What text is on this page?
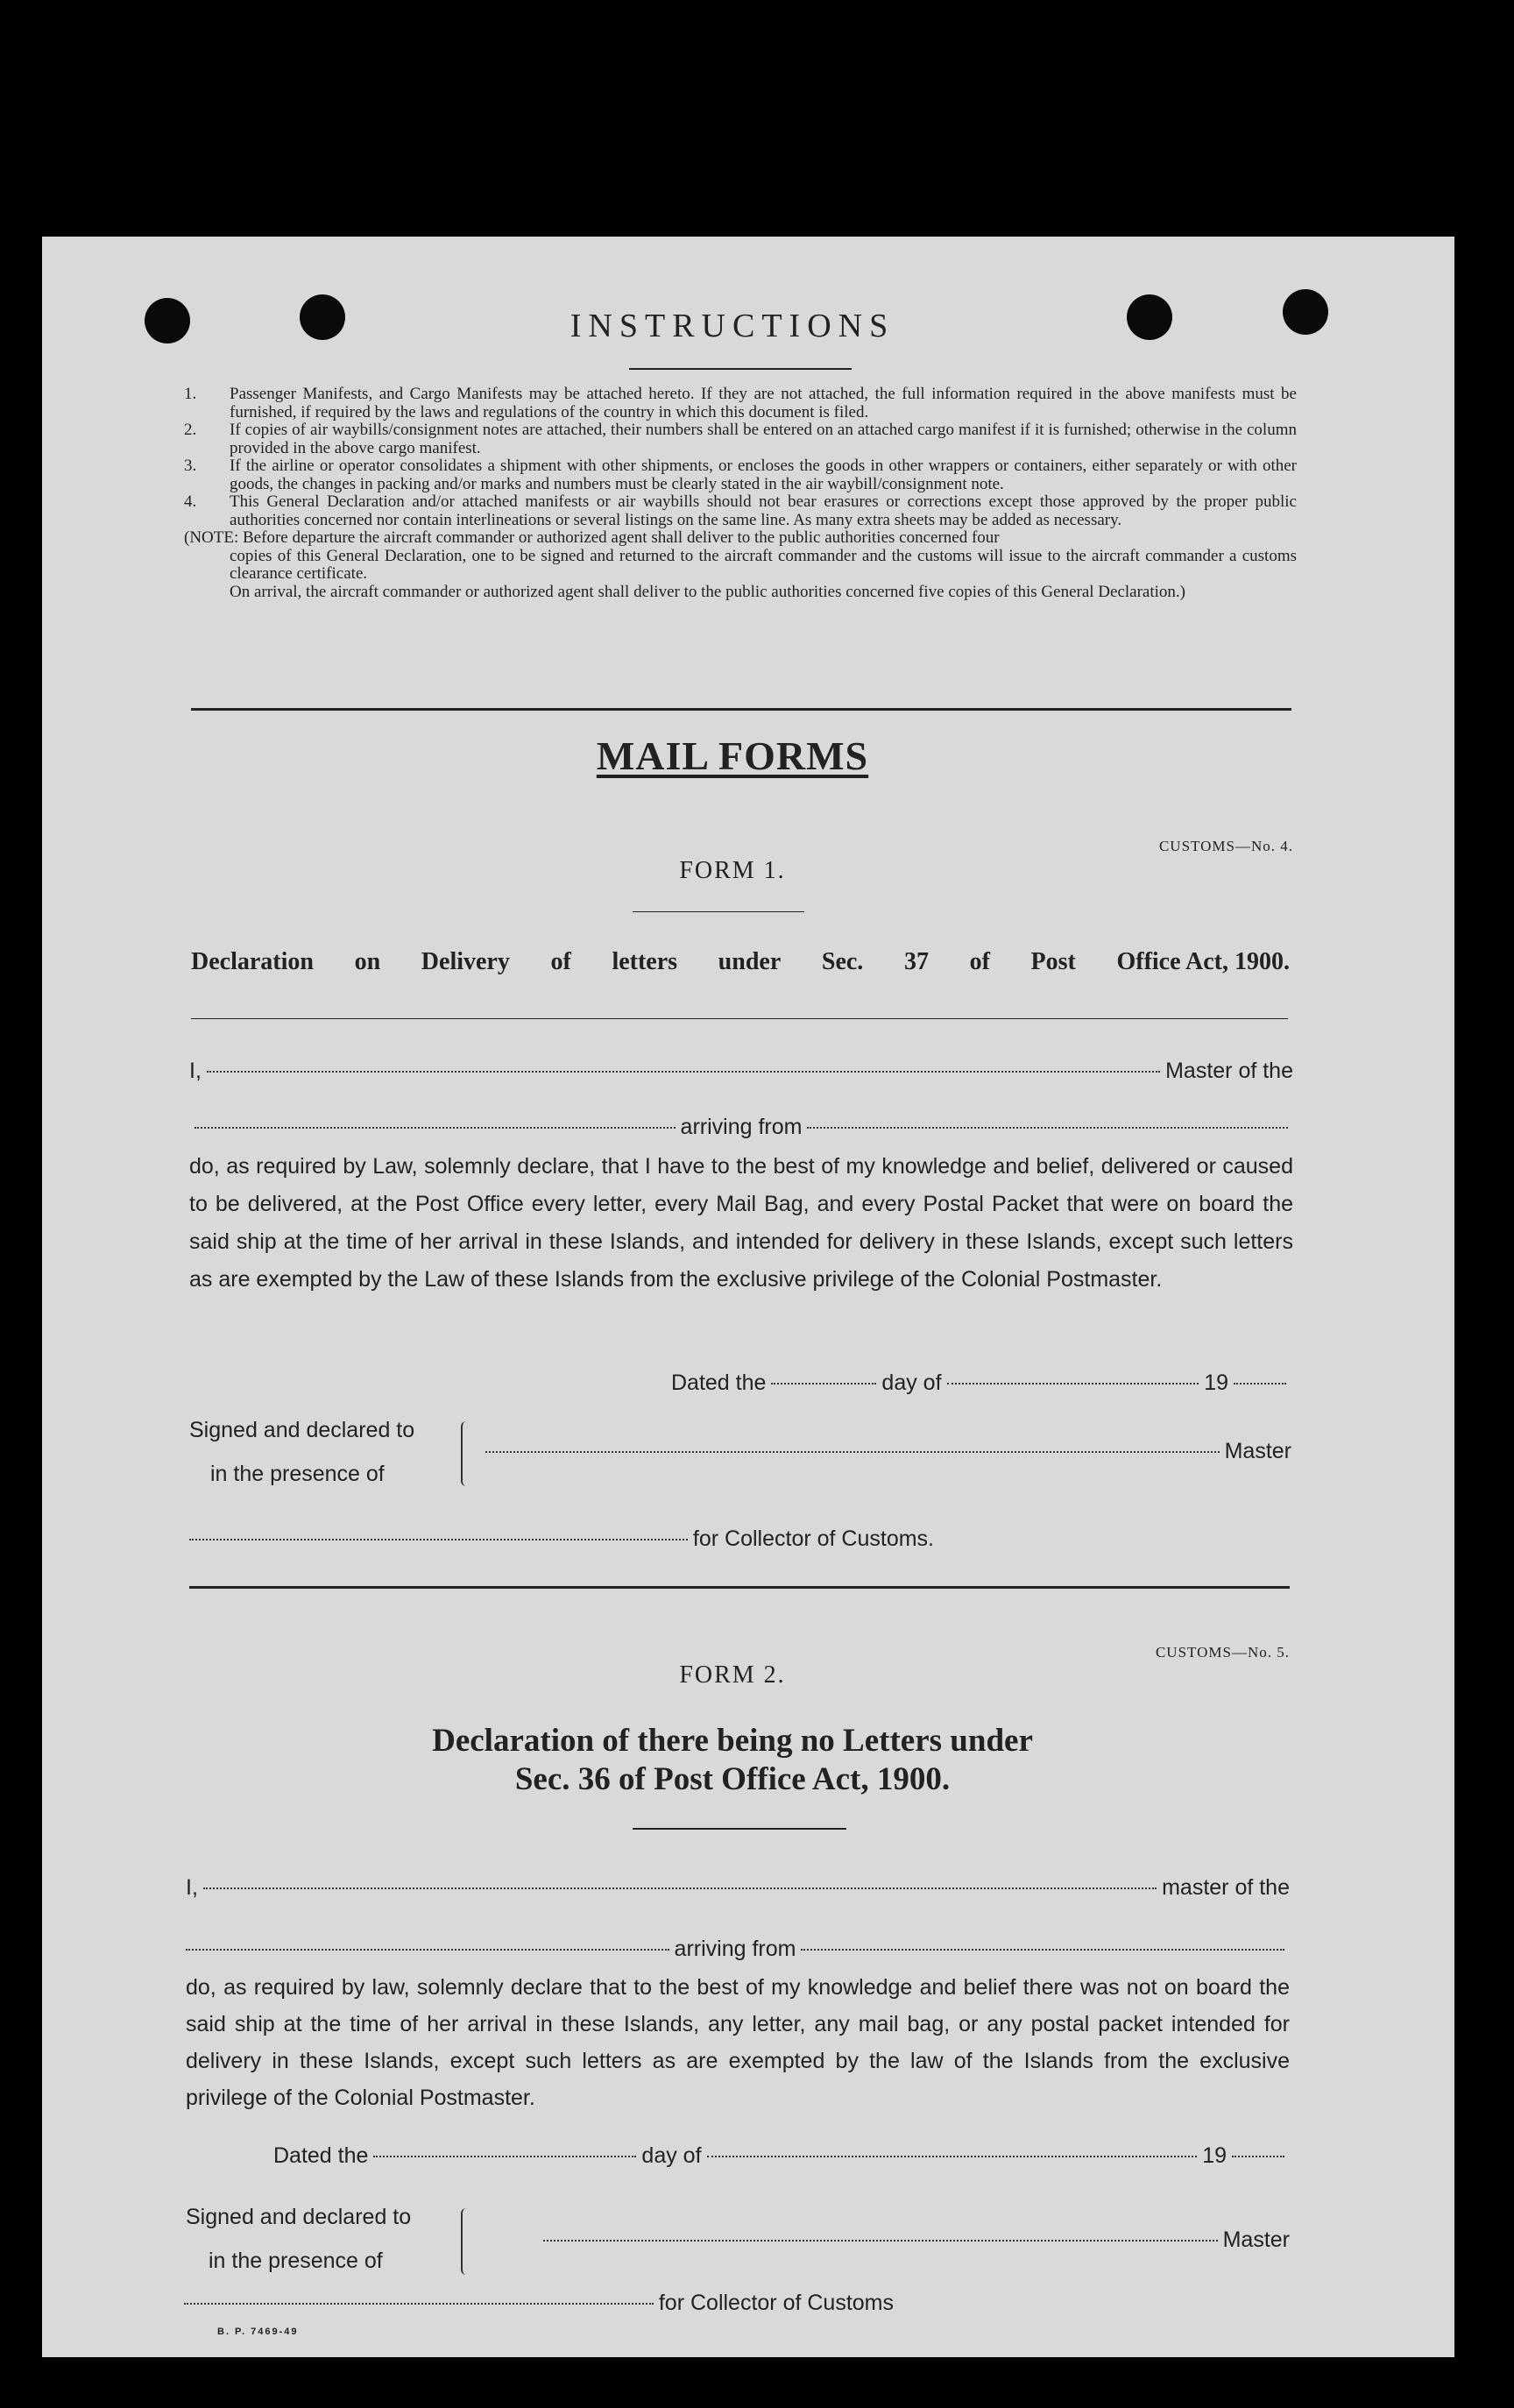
INSTRUCTIONS
1.	Passenger Manifests, and Cargo Manifests may be attached hereto. If they are not attached, the full information required in the above manifests must be furnished, if required by the laws and regulations of the country in which this document is filed.
2.	If copies of air waybills/consignment notes are attached, their numbers shall be entered on an attached cargo manifest if it is furnished; otherwise in the column provided in the above cargo manifest.
3.	If the airline or operator consolidates a shipment with other shipments, or encloses the goods in other wrappers or containers, either separately or with other goods, the changes in packing and/or marks and numbers must be clearly stated in the air waybill/consignment note.
4.	This General Declaration and/or attached manifests or air waybills should not bear erasures or corrections except those approved by the proper public authorities concerned nor contain interlineations or several listings on the same line. As many extra sheets may be added as necessary.
(NOTE: Before departure the aircraft commander or authorized agent shall deliver to the public authorities concerned four
copies of this General Declaration, one to be signed and returned to the aircraft commander and the customs will issue to the aircraft commander a customs clearance certificate.
On arrival, the aircraft commander or authorized agent shall deliver to the public authorities concerned five copies of this General Declaration.)
MAIL FORMS
CUSTOMS—No. 4.
FORM 1.
Declaration on Delivery of letters under Sec. 37 of Post Office Act, 1900.
I,	Master of the
arriving from
do, as required by Law, solemnly declare, that I have to the best of my knowledge and belief, delivered or caused to be delivered, at the Post Office every letter, every Mail Bag, and every Postal Packet that were on board the said ship at the time of her arrival in these Islands, and intended for delivery in these Islands, except such letters as are exempted by the Law of these Islands from the exclusive privilege of the Colonial Postmaster.
Dated the	day of	19
Signed and declared to
in the presence of
Master
for Collector of Customs.
CUSTOMS—No. 5.
FORM 2.
Declaration of there being no Letters under
Sec. 36 of Post Office Act, 1900.
I,	master of the
arriving from
do, as required by law, solemnly declare that to the best of my knowledge and belief there was not on board the said ship at the time of her arrival in these Islands, any letter, any mail bag, or any postal packet intended for delivery in these Islands, except such letters as are exempted by the law of the Islands from the exclusive privilege of the Colonial Postmaster.
Dated the	day of	19
Signed and declared to
in the presence of
Master
for Collector of Customs
B. P. 7469-49
